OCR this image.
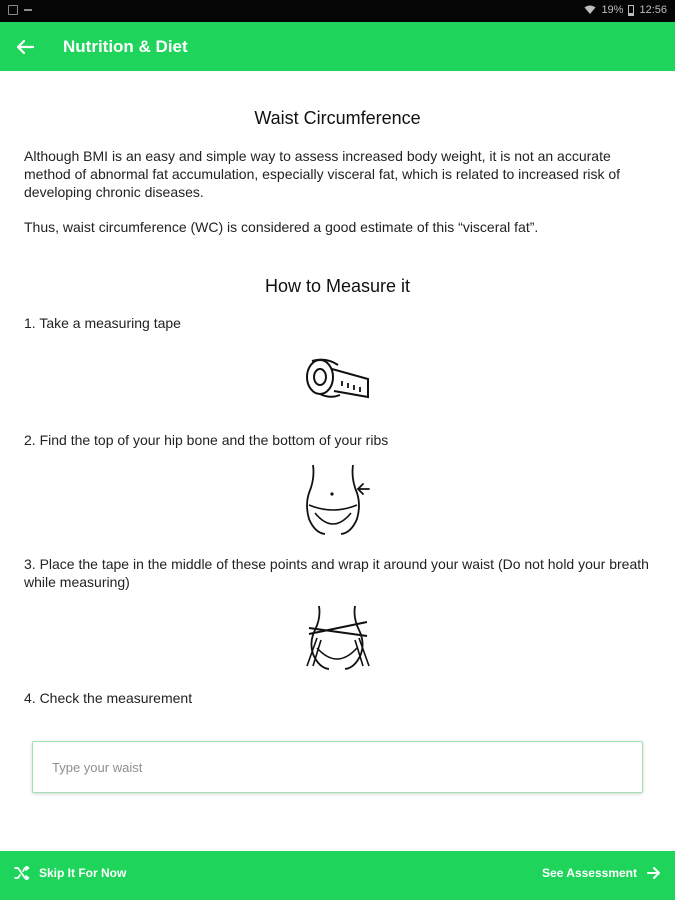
19% 12:56
Nutrition & Diet
Waist Circumference
Although BMI is an easy and simple way to assess increased body weight, it is not an accurate method of abnormal fat accumulation, especially visceral fat, which is related to increased risk of developing chronic diseases.
Thus, waist circumference (WC) is considered a good estimate of this “visceral fat”.
How to Measure it
1. Take a measuring tape
2. Find the top of your hip bone and the bottom of your ribs
3. Place the tape in the middle of these points and wrap it around your waist (Do not hold your breath while measuring)
4. Check the measurement
Type your waist
Skip It For Now	See Assessment
